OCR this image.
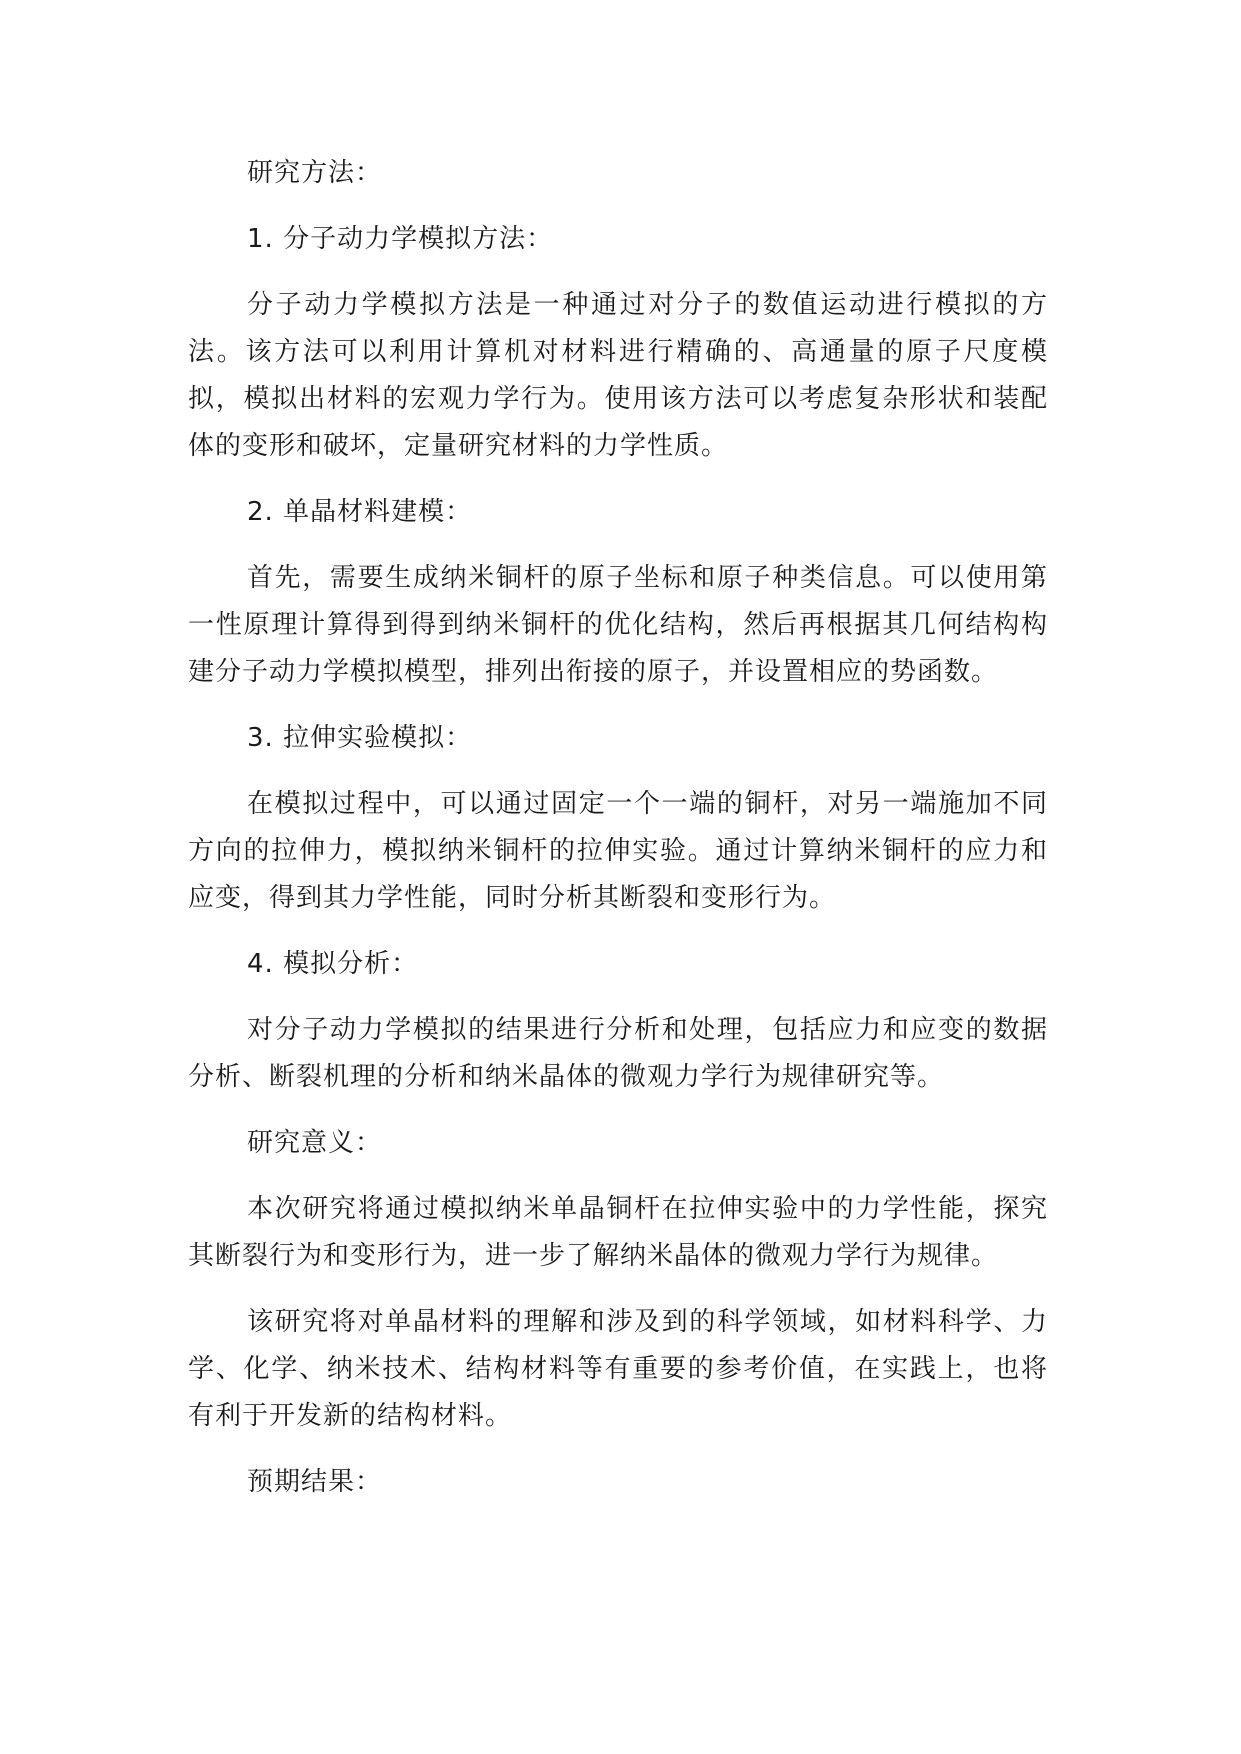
研究方法：

1. 分子动力学模拟方法：

分子动力学模拟方法是一种通过对分子的数值运动进行模拟的方法。该方法可以利用计算机对材料进行精确的、高通量的原子尺度模拟，模拟出材料的宏观力学行为。使用该方法可以考虑复杂形状和装配体的变形和破坏，定量研究材料的力学性质。

2. 单晶材料建模：

首先，需要生成纳米铜杆的原子坐标和原子种类信息。可以使用第一性原理计算得到得到纳米铜杆的优化结构，然后再根据其几何结构构建分子动力学模拟模型，排列出衔接的原子，并设置相应的势函数。

3. 拉伸实验模拟：

在模拟过程中，可以通过固定一个一端的铜杆，对另一端施加不同方向的拉伸力，模拟纳米铜杆的拉伸实验。通过计算纳米铜杆的应力和应变，得到其力学性能，同时分析其断裂和变形行为。

4. 模拟分析：

对分子动力学模拟的结果进行分析和处理，包括应力和应变的数据分析、断裂机理的分析和纳米晶体的微观力学行为规律研究等。

研究意义：

本次研究将通过模拟纳米单晶铜杆在拉伸实验中的力学性能，探究其断裂行为和变形行为，进一步了解纳米晶体的微观力学行为规律。

该研究将对单晶材料的理解和涉及到的科学领域，如材料科学、力学、化学、纳米技术、结构材料等有重要的参考价值，在实践上，也将有利于开发新的结构材料。

预期结果：
